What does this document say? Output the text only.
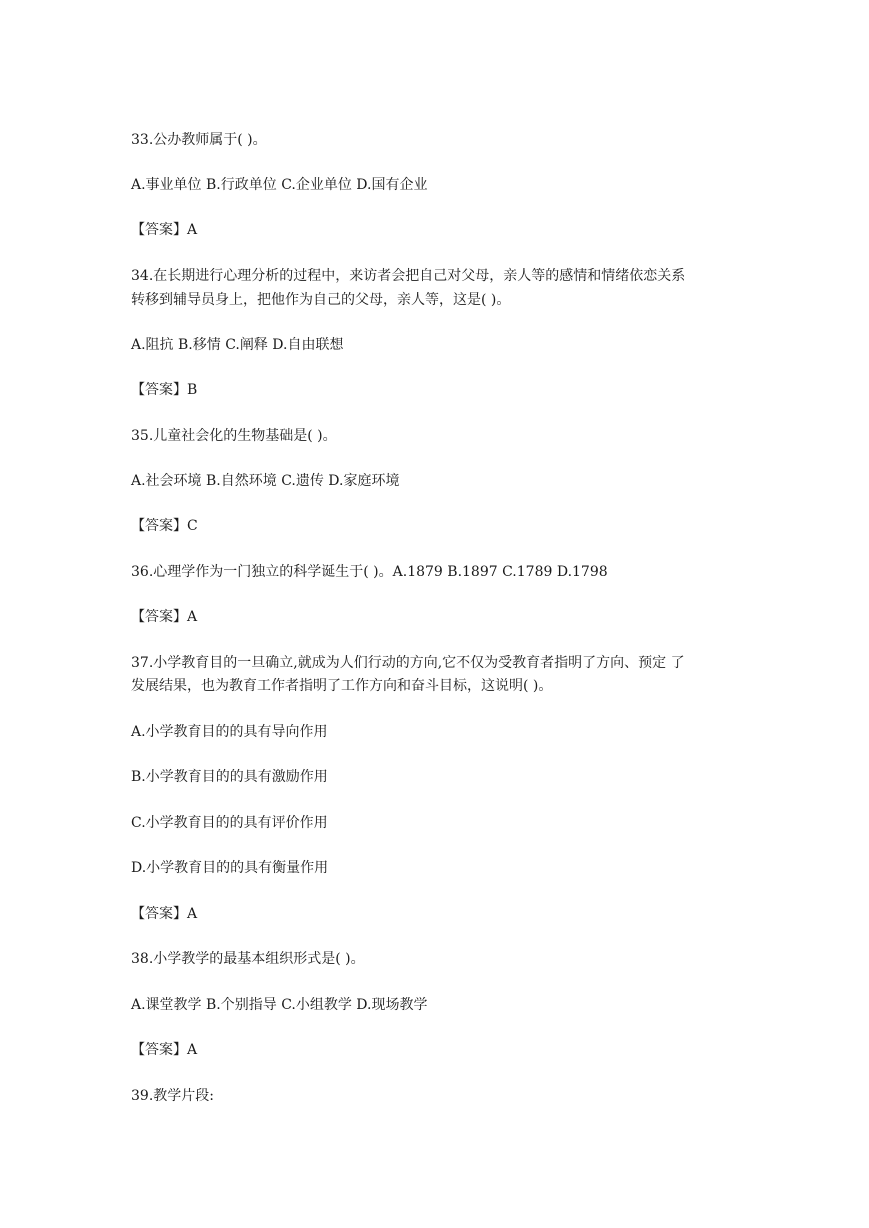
33.公办教师属于( )。
A.事业单位 B.行政单位 C.企业单位 D.国有企业
【答案】A
34.在长期进行心理分析的过程中，来访者会把自己对父母，亲人等的感情和情绪依恋关系
转移到辅导员身上，把他作为自己的父母，亲人等，这是( )。
A.阻抗 B.移情 C.阐释 D.自由联想
【答案】B
35.儿童社会化的生物基础是( )。
A.社会环境 B.自然环境 C.遗传 D.家庭环境
【答案】C
36.心理学作为一门独立的科学诞生于( )。A.1879 B.1897 C.1789 D.1798
【答案】A
37.小学教育目的一旦确立,就成为人们行动的方向,它不仅为受教育者指明了方向、预定 了
发展结果，也为教育工作者指明了工作方向和奋斗目标，这说明( )。
A.小学教育目的的具有导向作用
B.小学教育目的的具有激励作用
C.小学教育目的的具有评价作用
D.小学教育目的的具有衡量作用
【答案】A
38.小学教学的最基本组织形式是( )。
A.课堂教学 B.个别指导 C.小组教学 D.现场教学
【答案】A
39.教学片段:
